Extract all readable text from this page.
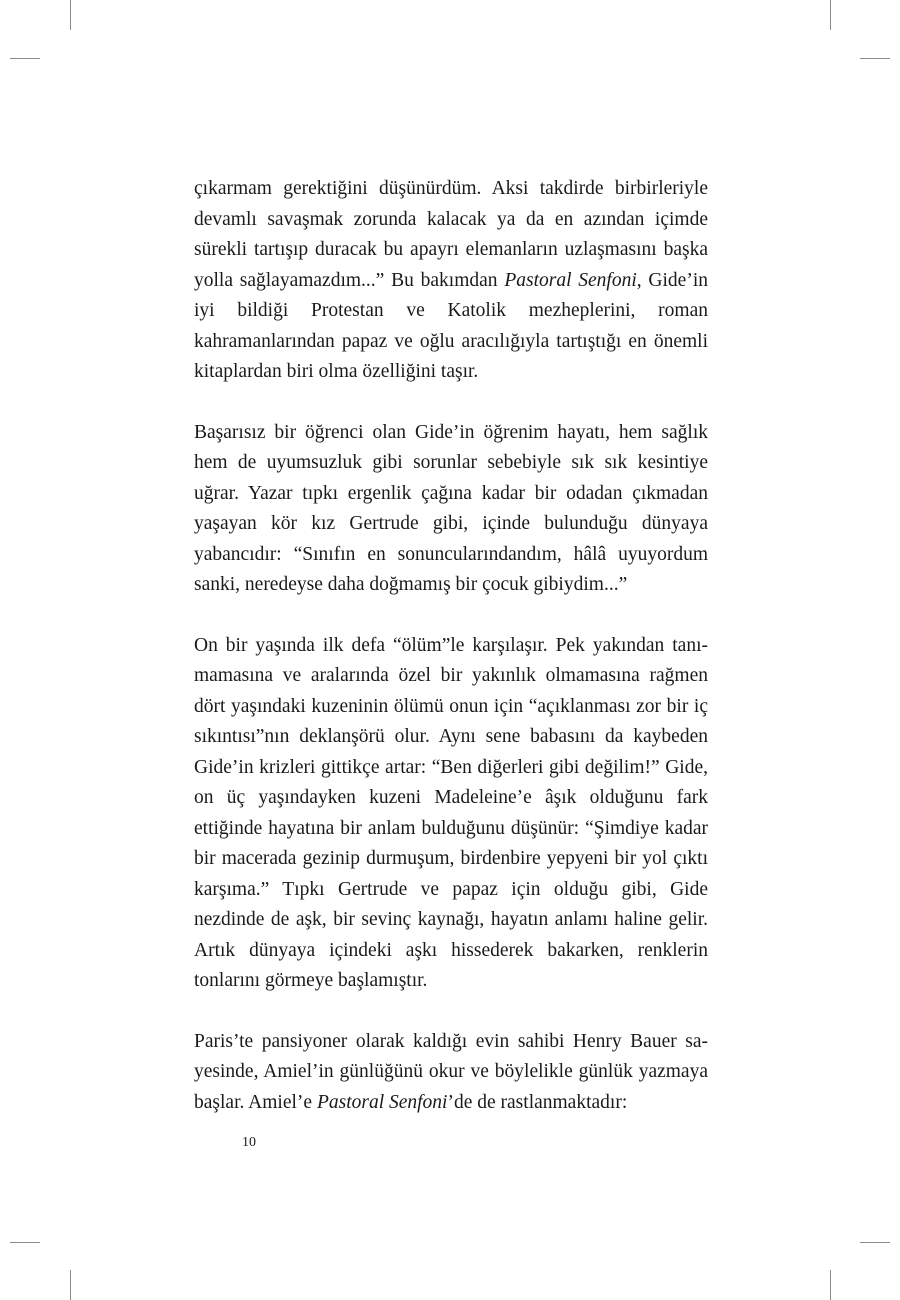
çıkarmam gerektiğini düşünürdüm. Aksi takdirde birbirleriyle devamlı savaşmak zorunda kalacak ya da en azından içimde sürekli tartışıp duracak bu apayrı elemanların uzlaşmasını başka yolla sağlayamazdım...” Bu bakımdan Pastoral Senfoni, Gide’in iyi bildiği Protestan ve Katolik mezheplerini, roman kahramanlarından papaz ve oğlu aracılığıyla tartıştığı en önemli kitaplardan biri olma özelliğini taşır.

Başarısız bir öğrenci olan Gide’in öğrenim hayatı, hem sağlık hem de uyumsuzluk gibi sorunlar sebebiyle sık sık kesintiye uğrar. Yazar tıpkı ergenlik çağına kadar bir odadan çıkmadan yaşayan kör kız Gertrude gibi, içinde bulunduğu dünyaya yabancıdır: “Sınıfın en sonuncularındandım, hâlâ uyuyordum sanki, neredeyse daha doğmamış bir çocuk gibiydim...”

On bir yaşında ilk defa “ölüm”le karşılaşır. Pek yakından tanımamasına ve aralarında özel bir yakınlık olmamasına rağmen dört yaşındaki kuzeninin ölümü onun için “açıklanması zor bir iç sıkıntısı”nın deklanşörü olur. Aynı sene babasını da kaybeden Gide’in krizleri gittikçe artar: “Ben diğerleri gibi değilim!” Gide, on üç yaşındayken kuzeni Madeleine’e âşık olduğunu fark ettiğinde hayatına bir anlam bulduğunu düşünür: “Şimdiye kadar bir macerada gezinip durmuşum, birdenbire yepyeni bir yol çıktı karşıma.” Tıpkı Gertrude ve papaz için olduğu gibi, Gide nezdinde de aşk, bir sevinç kaynağı, hayatın anlamı haline gelir. Artık dünyaya içindeki aşkı hissederek bakarken, renklerin tonlarını görmeye başlamıştır.

Paris’te pansiyoner olarak kaldığı evin sahibi Henry Bauer sayesinde, Amiel’in günlüğünü okur ve böylelikle günlük yazmaya başlar. Amiel’e Pastoral Senfoni’de de rastlanmaktadır:

10
